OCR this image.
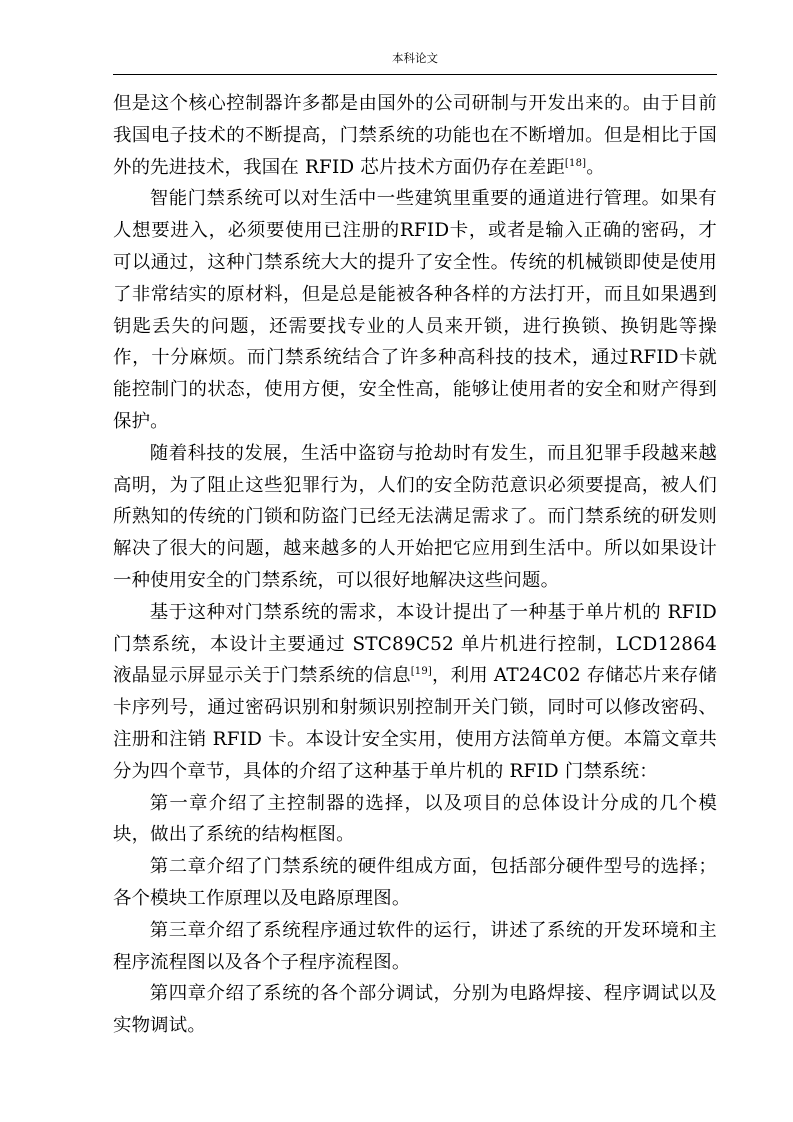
本科论文

但是这个核心控制器许多都是由国外的公司研制与开发出来的。由于目前我国电子技术的不断提高，门禁系统的功能也在不断增加。但是相比于国外的先进技术，我国在 RFID 芯片技术方面仍存在差距[18]。

智能门禁系统可以对生活中一些建筑里重要的通道进行管理。如果有人想要进入，必须要使用已注册的RFID卡，或者是输入正确的密码，才可以通过，这种门禁系统大大的提升了安全性。传统的机械锁即使是使用了非常结实的原材料，但是总是能被各种各样的方法打开，而且如果遇到钥匙丢失的问题，还需要找专业的人员来开锁，进行换锁、换钥匙等操作，十分麻烦。而门禁系统结合了许多种高科技的技术，通过RFID卡就能控制门的状态，使用方便，安全性高，能够让使用者的安全和财产得到保护。

随着科技的发展，生活中盗窃与抢劫时有发生，而且犯罪手段越来越高明，为了阻止这些犯罪行为，人们的安全防范意识必须要提高，被人们所熟知的传统的门锁和防盗门已经无法满足需求了。而门禁系统的研发则解决了很大的问题，越来越多的人开始把它应用到生活中。所以如果设计一种使用安全的门禁系统，可以很好地解决这些问题。

基于这种对门禁系统的需求，本设计提出了一种基于单片机的 RFID 门禁系统，本设计主要通过 STC89C52 单片机进行控制，LCD12864 液晶显示屏显示关于门禁系统的信息[19]，利用 AT24C02 存储芯片来存储卡序列号，通过密码识别和射频识别控制开关门锁，同时可以修改密码、注册和注销 RFID 卡。本设计安全实用，使用方法简单方便。本篇文章共分为四个章节，具体的介绍了这种基于单片机的 RFID 门禁系统：

第一章介绍了主控制器的选择，以及项目的总体设计分成的几个模块，做出了系统的结构框图。

第二章介绍了门禁系统的硬件组成方面，包括部分硬件型号的选择；各个模块工作原理以及电路原理图。

第三章介绍了系统程序通过软件的运行，讲述了系统的开发环境和主程序流程图以及各个子程序流程图。

第四章介绍了系统的各个部分调试，分别为电路焊接、程序调试以及实物调试。
